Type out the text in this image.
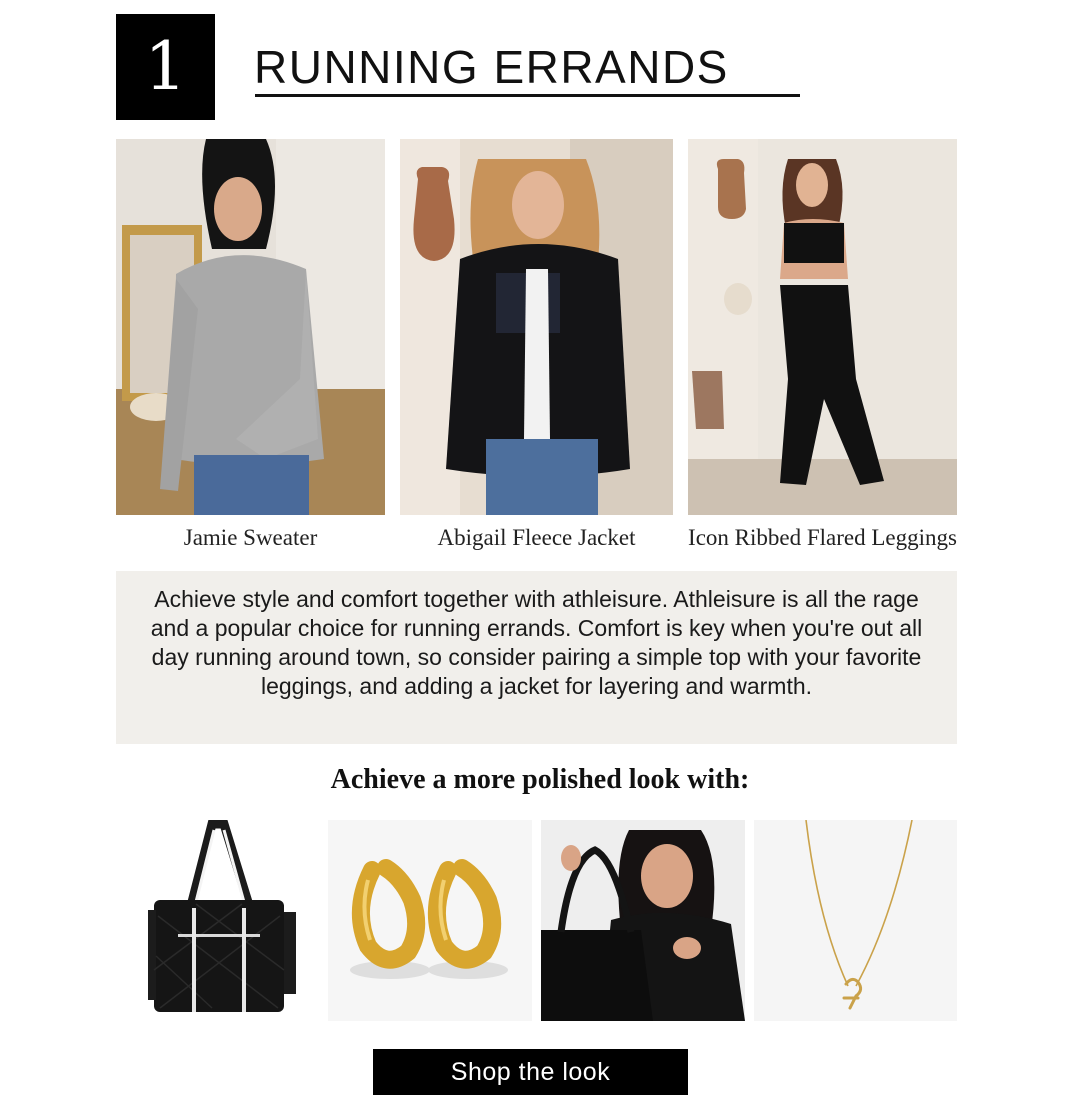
1 RUNNING ERRANDS
Jamie Sweater	Abigail Fleece Jacket	Icon Ribbed Flared Leggings
Achieve style and comfort together with athleisure. Athleisure is all the rage and a popular choice for running errands. Comfort is key when you're out all day running around town, so consider pairing a simple top with your favorite leggings, and adding a jacket for layering and warmth.
Achieve a more polished look with:
Shop the look
